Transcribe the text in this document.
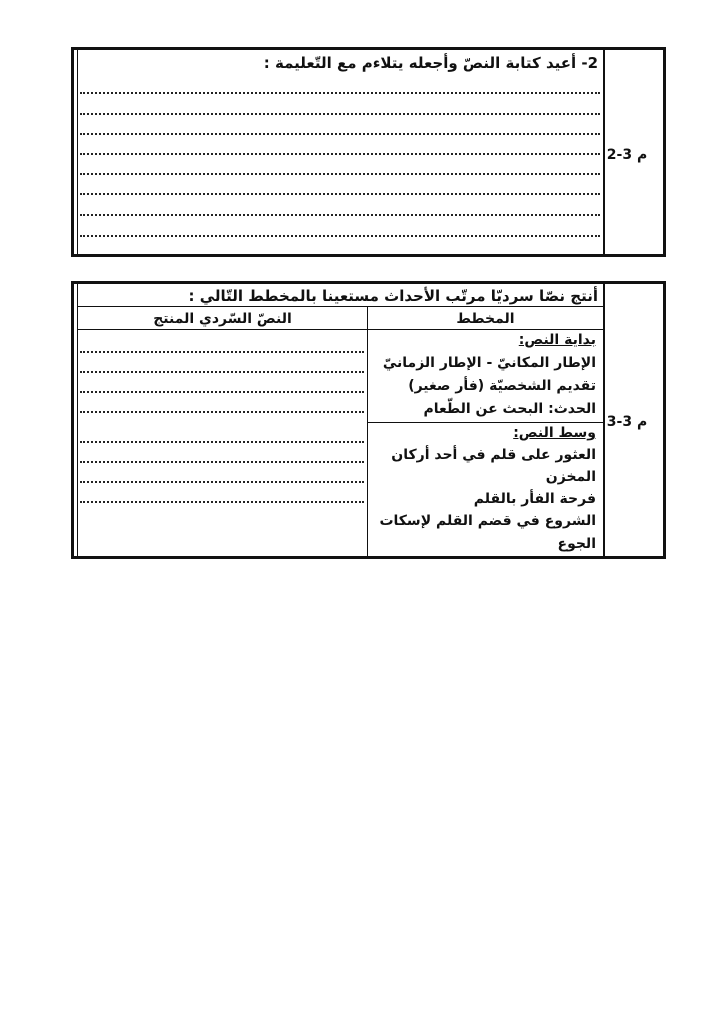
م 3-2
2- أعيد كتابة النصّ وأجعله يتلاءم مع التّعليمة :
م 3-3
أنتج نصّا سرديّا مرتّب الأحداث مستعينا بالمخطط التّالي :
المخطط
النصّ السّردي المنتج
بداية النص:
الإطار المكانيّ - الإطار الزمانيّ
تقديم الشخصيّة (فأر صغير)
الحدث: البحث عن الطّعام
وسط النص:
العثور على قلم في أحد أركان
المخزن
فرحة الفأر بالقلم
الشروع في قضم القلم لإسكات
الجوع
